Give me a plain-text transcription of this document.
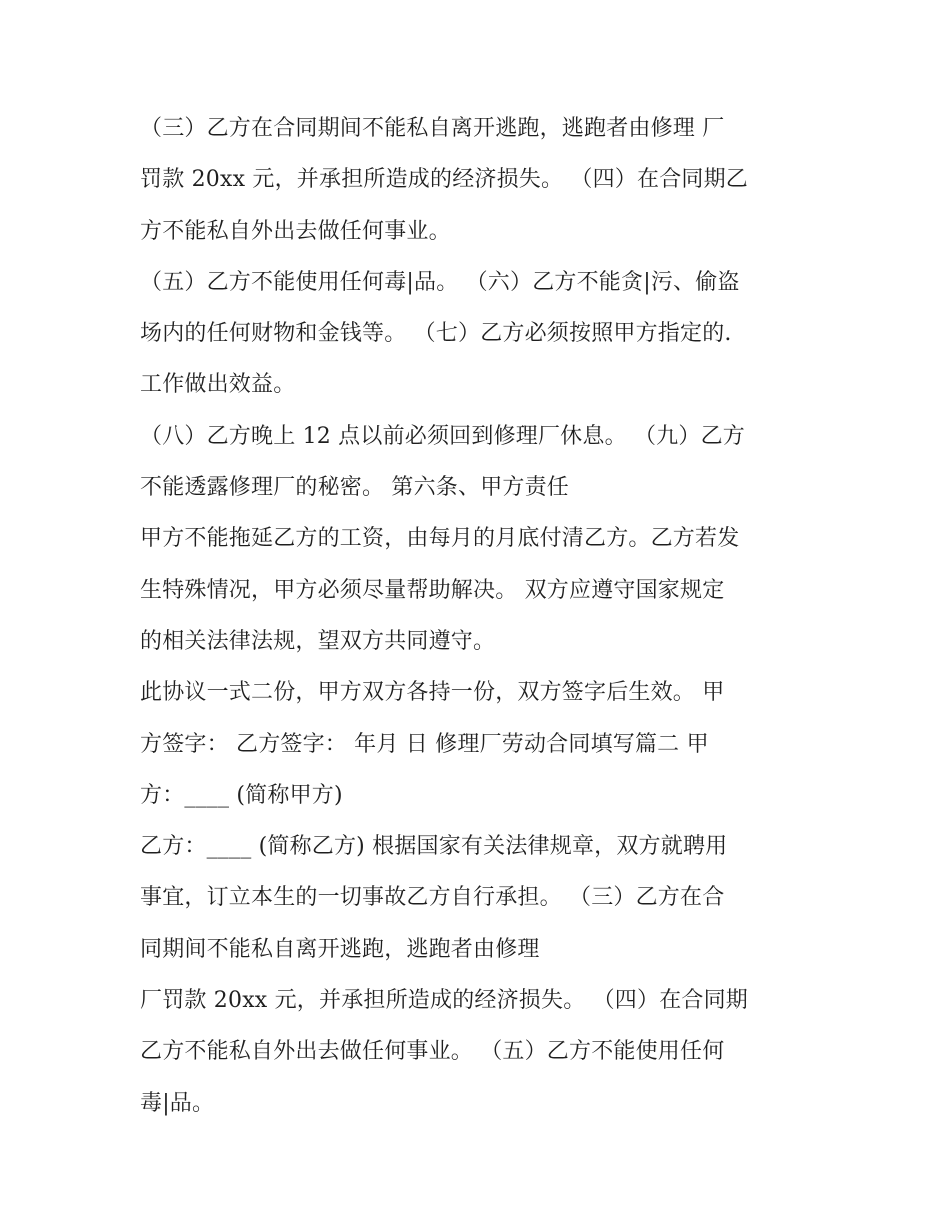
（三）乙方在合同期间不能私自离开逃跑，逃跑者由修理 厂
罚款 20xx 元，并承担所造成的经济损失。 （四）在合同期乙
方不能私自外出去做任何事业。
（五）乙方不能使用任何毒|品。 （六）乙方不能贪|污、偷盗
场内的任何财物和金钱等。 （七）乙方必须按照甲方指定的.
工作做出效益。
（八）乙方晚上 12 点以前必须回到修理厂休息。 （九）乙方
不能透露修理厂的秘密。 第六条、甲方责任
甲方不能拖延乙方的工资，由每月的月底付清乙方。乙方若发
生特殊情况，甲方必须尽量帮助解决。 双方应遵守国家规定
的相关法律法规，望双方共同遵守。
此协议一式二份，甲方双方各持一份，双方签字后生效。 甲
方签字： 乙方签字： 年月 日 修理厂劳动合同填写篇二 甲
方：____ (简称甲方)
乙方：____ (简称乙方) 根据国家有关法律规章，双方就聘用
事宜，订立本生的一切事故乙方自行承担。 （三）乙方在合
同期间不能私自离开逃跑，逃跑者由修理
厂罚款 20xx 元，并承担所造成的经济损失。 （四）在合同期
乙方不能私自外出去做任何事业。 （五）乙方不能使用任何
毒|品。
